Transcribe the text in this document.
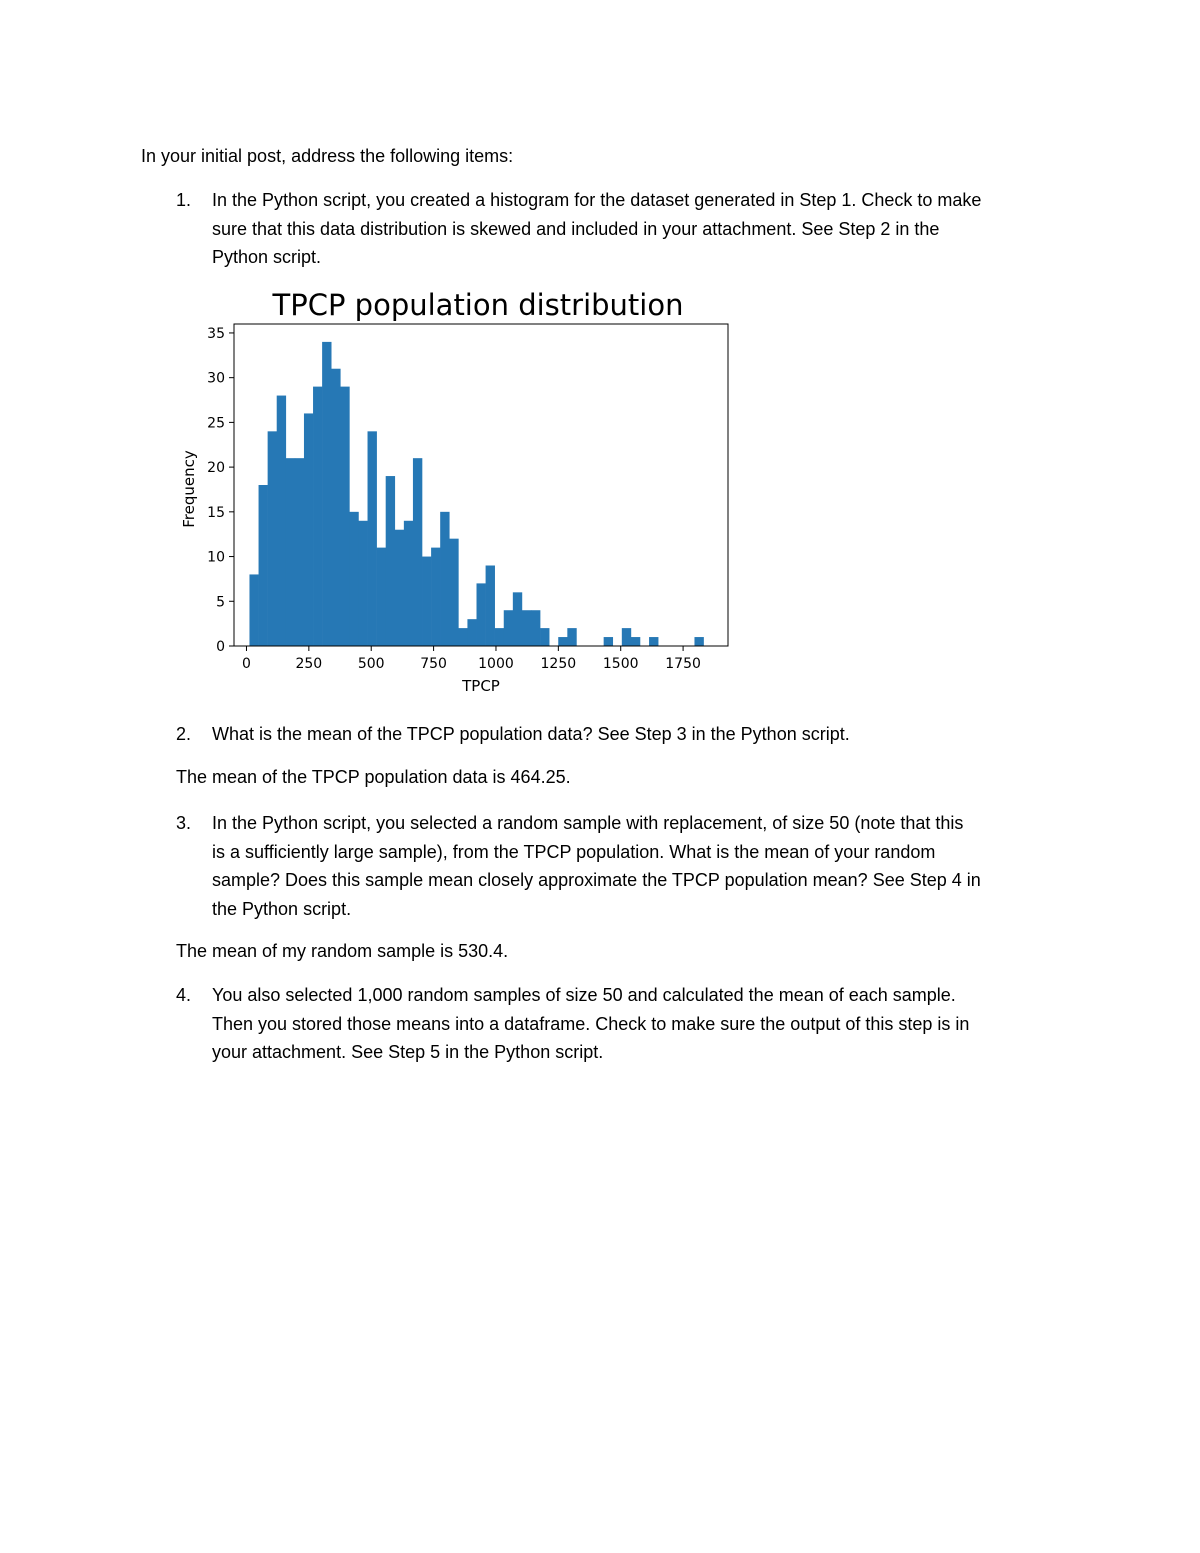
In your initial post, address the following items:
1. In the Python script, you created a histogram for the dataset generated in Step 1. Check to make
sure that this data distribution is skewed and included in your attachment. See Step 2 in the
Python script.
TPCP population distribution
0	250	500	750 1000 1250 1500 1750
0
5
10
15
20
25
30
35
TPCP
Frequency
2. What is the mean of the TPCP population data? See Step 3 in the Python script.
The mean of the TPCP population data is 464.25.
3. In the Python script, you selected a random sample with replacement, of size 50 (note that this
is a sufficiently large sample), from the TPCP population. What is the mean of your random
sample? Does this sample mean closely approximate the TPCP population mean? See Step 4 in
the Python script.
The mean of my random sample is 530.4.
4. You also selected 1,000 random samples of size 50 and calculated the mean of each sample.
Then you stored those means into a dataframe. Check to make sure the output of this step is in
your attachment. See Step 5 in the Python script.
